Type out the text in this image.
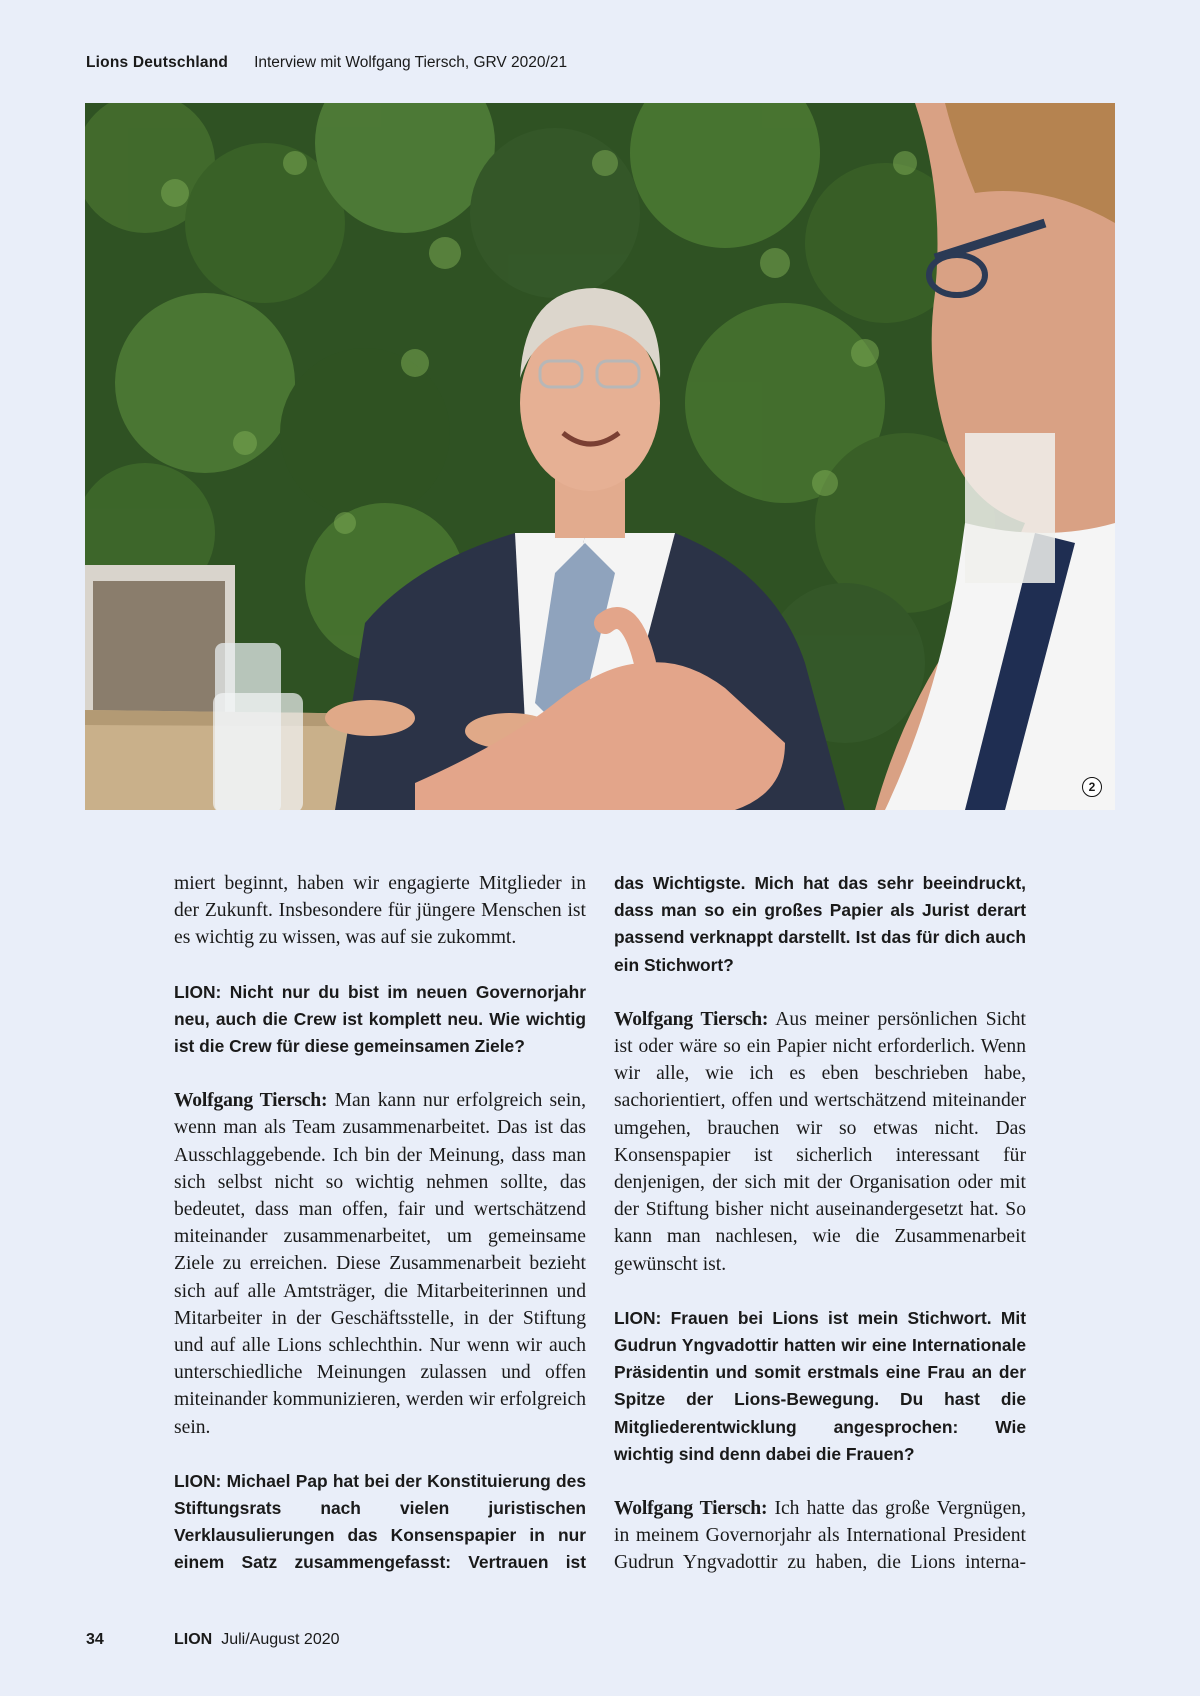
Lions Deutschland Interview mit Wolfgang Tiersch, GRV 2020/21
2

miert beginnt, haben wir engagierte Mitglieder in der Zukunft. Insbesondere für jüngere Menschen ist es wichtig zu wissen, was auf sie zukommt.

LION: Nicht nur du bist im neuen Governorjahr neu, auch die Crew ist komplett neu. Wie wichtig ist die Crew für diese gemeinsamen Ziele?

Wolfgang Tiersch: Man kann nur erfolgreich sein, wenn man als Team zusammenarbeitet. Das ist das Ausschlaggebende. Ich bin der Meinung, dass man sich selbst nicht so wichtig nehmen sollte, das bedeutet, dass man offen, fair und wertschätzend miteinander zusammenarbeitet, um gemeinsame Ziele zu erreichen. Diese Zusammenarbeit bezieht sich auf alle Amtsträger, die Mitarbeiterinnen und Mitarbeiter in der Geschäftsstelle, in der Stiftung und auf alle Lions schlechthin. Nur wenn wir auch unterschiedliche Meinungen zulassen und offen miteinander kommunizieren, werden wir erfolgreich sein.

LION: Michael Pap hat bei der Konstituierung des Stiftungsrats nach vielen juristischen Verklausulierungen das Konsenspapier in nur einem Satz zusammengefasst: Vertrauen ist

das Wichtigste. Mich hat das sehr beeindruckt, dass man so ein großes Papier als Jurist derart passend verknappt darstellt. Ist das für dich auch ein Stichwort?

Wolfgang Tiersch: Aus meiner persönlichen Sicht ist oder wäre so ein Papier nicht erforderlich. Wenn wir alle, wie ich es eben beschrieben habe, sachorientiert, offen und wertschätzend miteinander umgehen, brauchen wir so etwas nicht. Das Konsenspapier ist sicherlich interessant für denjenigen, der sich mit der Organisation oder mit der Stiftung bisher nicht auseinandergesetzt hat. So kann man nachlesen, wie die Zusammenarbeit gewünscht ist.

LION: Frauen bei Lions ist mein Stichwort. Mit Gudrun Yngvadottir hatten wir eine Internationale Präsidentin und somit erstmals eine Frau an der Spitze der Lions-Bewegung. Du hast die Mitgliederentwicklung angesprochen: Wie wichtig sind denn dabei die Frauen?

Wolfgang Tiersch: Ich hatte das große Vergnügen, in meinem Governorjahr als International President Gudrun Yngvadottir zu haben, die Lions interna-

34	LION Juli/August 2020
